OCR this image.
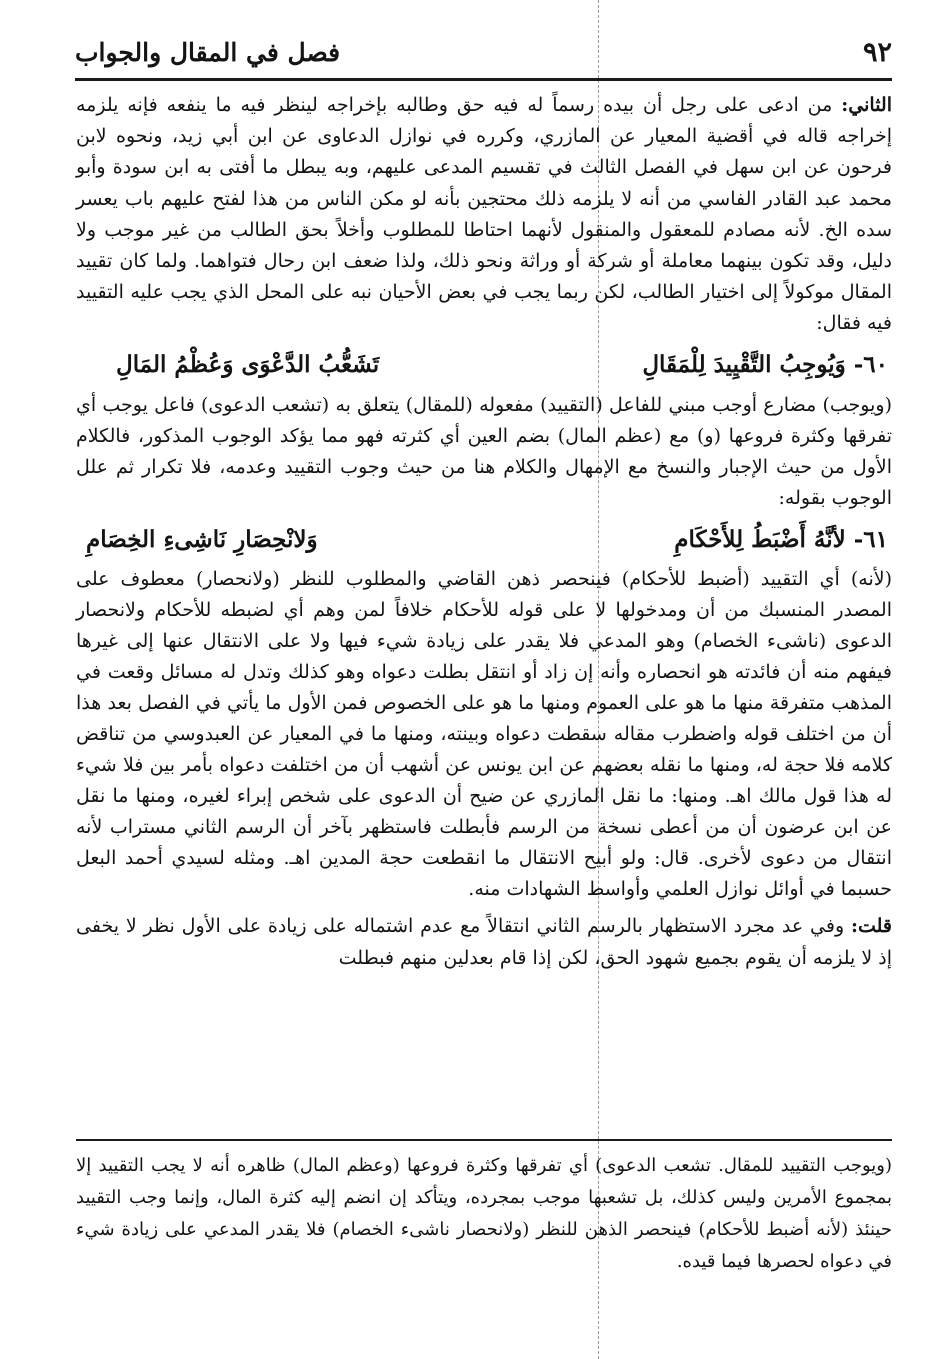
٩٢
فصل في المقال والجواب

الثاني: من ادعى على رجل أن بيده رسماً له فيه حق وطالبه بإخراجه لينظر فيه ما ينفعه فإنه يلزمه إخراجه قاله في أقضية المعيار عن المازري، وكرره في نوازل الدعاوى عن ابن أبي زيد، ونحوه لابن فرحون عن ابن سهل في الفصل الثالث في تقسيم المدعى عليهم، وبه يبطل ما أفتى به ابن سودة وأبو محمد عبد القادر الفاسي من أنه لا يلزمه ذلك محتجين بأنه لو مكن الناس من هذا لفتح عليهم باب يعسر سده الخ. لأنه مصادم للمعقول والمنقول لأنهما احتاطا للمطلوب وأخلاً بحق الطالب من غير موجب ولا دليل، وقد تكون بينهما معاملة أو شركة أو وراثة ونحو ذلك، ولذا ضعف ابن رحال فتواهما. ولما كان تقييد المقال موكولاً إلى اختيار الطالب، لكن ربما يجب في بعض الأحيان نبه على المحل الذي يجب عليه التقييد فيه فقال:

٦٠- وَيُوجِبُ التَّقْيِيدَ لِلْمَقَالِ
تَشَعُّبُ الدَّعْوَى وَعُظْمُ المَالِ

(ويوجب) مضارع أوجب مبني للفاعل (التقييد) مفعوله (للمقال) يتعلق به (تشعب الدعوى) فاعل يوجب أي تفرقها وكثرة فروعها (و) مع (عظم المال) بضم العين أي كثرته فهو مما يؤكد الوجوب المذكور، فالكلام الأول من حيث الإجبار والنسخ مع الإمهال والكلام هنا من حيث وجوب التقييد وعدمه، فلا تكرار ثم علل الوجوب بقوله:

٦١- لأنَّهُ أَضْبَطُ لِلأَحْكَامِ
وَلانْحِصَارِ نَاشِىءِ الخِصَامِ

(لأنه) أي التقييد (أضبط للأحكام) فينحصر ذهن القاضي والمطلوب للنظر (ولانحصار) معطوف على المصدر المنسبك من أن ومدخولها لا على قوله للأحكام خلافاً لمن وهم أي لضبطه للأحكام ولانحصار الدعوى (ناشىء الخصام) وهو المدعي فلا يقدر على زيادة شيء فيها ولا على الانتقال عنها إلى غيرها فيفهم منه أن فائدته هو انحصاره وأنه إن زاد أو انتقل بطلت دعواه وهو كذلك وتدل له مسائل وقعت في المذهب متفرقة منها ما هو على العموم ومنها ما هو على الخصوص فمن الأول ما يأتي في الفصل بعد هذا أن من اختلف قوله واضطرب مقاله سقطت دعواه وبينته، ومنها ما في المعيار عن العبدوسي من تناقض كلامه فلا حجة له، ومنها ما نقله بعضهم عن ابن يونس عن أشهب أن من اختلفت دعواه بأمر بين فلا شيء له هذا قول مالك اهـ. ومنها: ما نقل المازري عن ضيح أن الدعوى على شخص إبراء لغيره، ومنها ما نقل عن ابن عرضون أن من أعطى نسخة من الرسم فأبطلت فاستظهر بآخر أن الرسم الثاني مستراب لأنه انتقال من دعوى لأخرى. قال: ولو أبيح الانتقال ما انقطعت حجة المدين اهـ. ومثله لسيدي أحمد البعل حسبما في أوائل نوازل العلمي وأواسط الشهادات منه.

قلت: وفي عد مجرد الاستظهار بالرسم الثاني انتقالاً مع عدم اشتماله على زيادة على الأول نظر لا يخفى إذ لا يلزمه أن يقوم بجميع شهود الحق، لكن إذا قام بعدلين منهم فبطلت

(ويوجب التقييد للمقال. تشعب الدعوى) أي تفرقها وكثرة فروعها (وعظم المال) ظاهره أنه لا يجب التقييد إلا بمجموع الأمرين وليس كذلك، بل تشعبها موجب بمجرده، ويتأكد إن انضم إليه كثرة المال، وإنما وجب التقييد حينئذ (لأنه أضبط للأحكام) فينحصر الذهن للنظر (ولانحصار ناشىء الخصام) فلا يقدر المدعي على زيادة شيء في دعواه لحصرها فيما قيده.
